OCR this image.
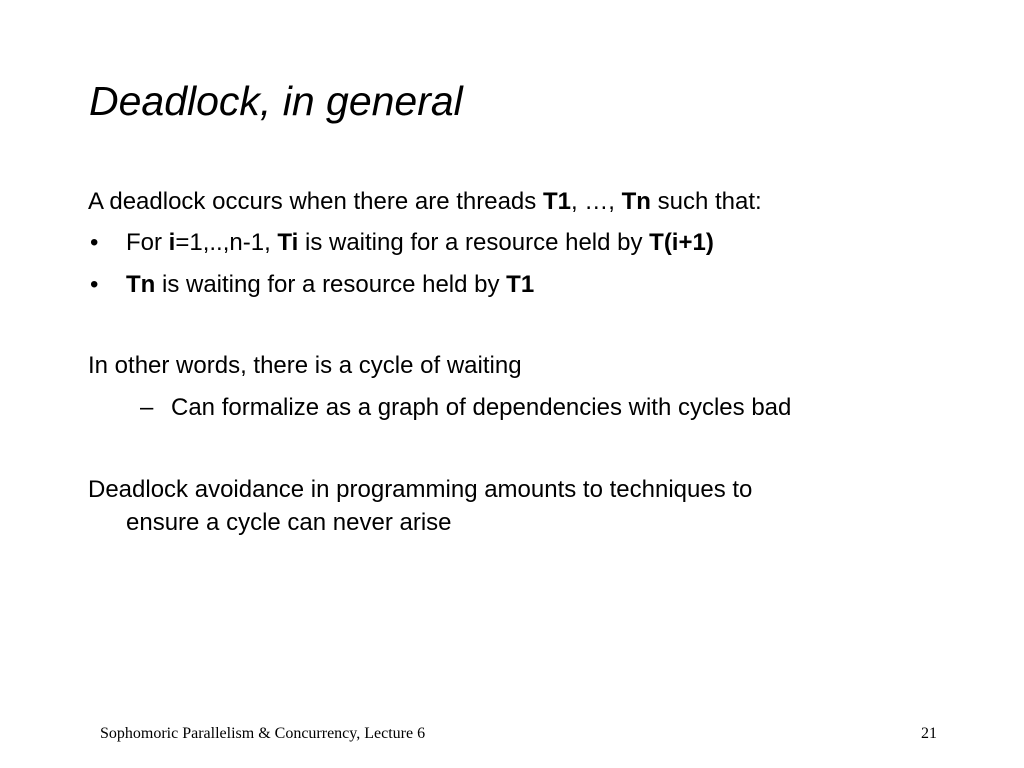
Deadlock, in general

A deadlock occurs when there are threads T1, …, Tn such that:

• For i=1,..,n-1, Ti is waiting for a resource held by T(i+1)

• Tn is waiting for a resource held by T1

In other words, there is a cycle of waiting

– Can formalize as a graph of dependencies with cycles bad

Deadlock avoidance in programming amounts to techniques to

ensure a cycle can never arise

Sophomoric Parallelism & Concurrency, Lecture 6	21
